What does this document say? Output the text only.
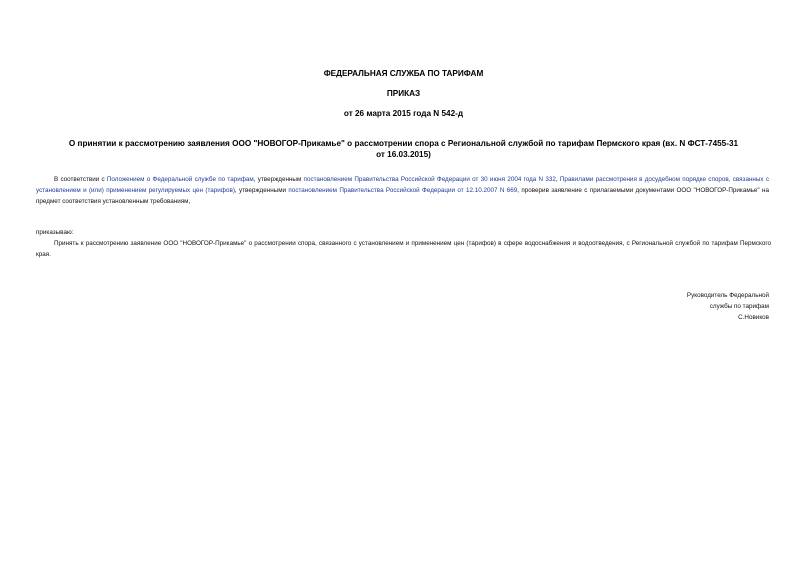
ФЕДЕРАЛЬНАЯ СЛУЖБА ПО ТАРИФАМ
ПРИКАЗ
от 26 марта 2015 года N 542-д
О принятии к рассмотрению заявления ООО "НОВОГОР-Прикамье" о рассмотрении спора с Региональной службой по тарифам Пермского края (вх. N ФСТ-7455-31
от 16.03.2015)
В соответствии с Положением о Федеральной службе по тарифам, утвержденным постановлением Правительства Российской Федерации от 30 июня 2004 года N 332, Правилами рассмотрения в досудебном порядке споров, связанных с установлением и (или) применением регулируемых цен (тарифов), утвержденными постановлением Правительства Российской Федерации от 12.10.2007 N 669, проверив заявление с прилагаемыми документами ООО "НОВОГОР-Прикамье" на предмет соответствия установленным требованиям,
приказываю:
Принять к рассмотрению заявление ООО "НОВОГОР-Прикамье" о рассмотрении спора, связанного с установлением и применением цен (тарифов) в сфере водоснабжения и водоотведения, с Региональной службой по тарифам Пермского края.
Руководитель Федеральной
службы по тарифам
С.Новиков
